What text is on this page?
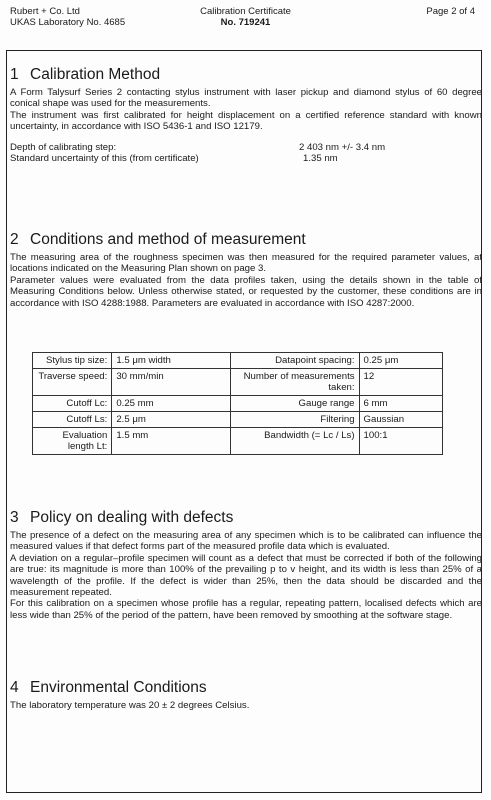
Rubert + Co. Ltd
UKAS Laboratory No. 4685
Calibration Certificate
No. 719241
Page 2 of 4
1 Calibration Method

A Form Talysurf Series 2 contacting stylus instrument with laser pickup and diamond stylus of 60 degree conical shape was used for the measurements.

The instrument was first calibrated for height displacement on a certified reference standard with known uncertainty, in accordance with ISO 5436-1 and ISO 12179.

Depth of calibrating step:	2 403 nm +/- 3.4 nm
Standard uncertainty of this (from certificate)	1.35 nm
2 Conditions and method of measurement

The measuring area of the roughness specimen was then measured for the required parameter values, at locations indicated on the Measuring Plan shown on page 3.

Parameter values were evaluated from the data profiles taken, using the details shown in the table of Measuring Conditions below. Unless otherwise stated, or requested by the customer, these conditions are in accordance with ISO 4288:1988. Parameters are evaluated in accordance with ISO 4287:2000.

Stylus tip size:	1.5 μm width	Datapoint spacing:	0.25 μm
Traverse speed:	30 mm/min	Number of measurements taken:	12
Cutoff Lc:	0.25 mm	Gauge range	6 mm
Cutoff Ls:	2.5 μm	Filtering	Gaussian
Evaluation length Lt:	1.5 mm	Bandwidth (= Lc / Ls)	100:1
3 Policy on dealing with defects

The presence of a defect on the measuring area of any specimen which is to be calibrated can influence the measured values if that defect forms part of the measured profile data which is evaluated.

A deviation on a regular–profile specimen will count as a defect that must be corrected if both of the following are true: its magnitude is more than 100% of the prevailing p to v height, and its width is less than 25% of a wavelength of the profile. If the defect is wider than 25%, then the data should be discarded and the measurement repeated.

For this calibration on a specimen whose profile has a regular, repeating pattern, localised defects which are less wide than 25% of the period of the pattern, have been removed by smoothing at the software stage.

4 Environmental Conditions

The laboratory temperature was 20 ± 2 degrees Celsius.
